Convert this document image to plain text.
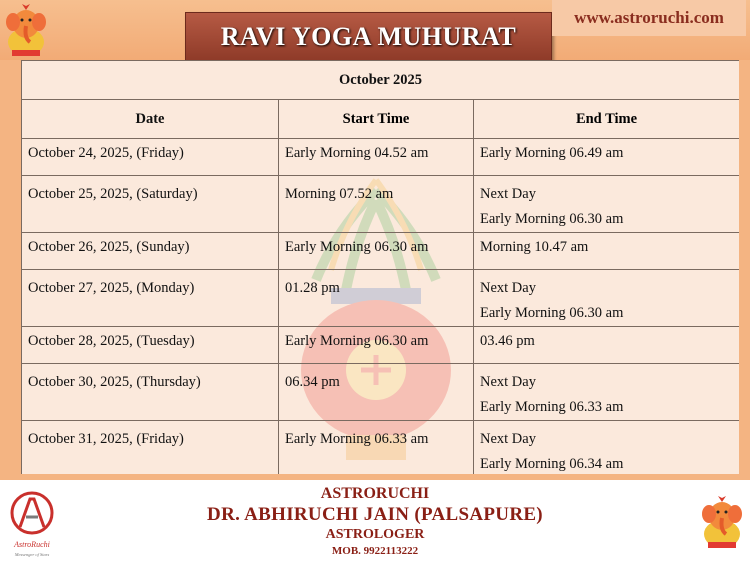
RAVI YOGA MUHURAT
www.astroruchi.com
October 2025		
Date	Start Time	End Time
October 24, 2025, (Friday)	Early Morning 04.52 am	Early Morning 06.49 am

October 25, 2025, (Saturday)	Morning 07.52 am	Next Day
Early Morning 06.30 am

October 26, 2025, (Sunday)	Early Morning 06.30 am	Morning 10.47 am

October 27, 2025, (Monday)	01.28 pm	Next Day
Early Morning 06.30 am

October 28, 2025, (Tuesday)	Early Morning 06.30 am	03.46 pm

October 30, 2025, (Thursday)	06.34 pm	Next Day
Early Morning 06.33 am

October 31, 2025, (Friday)	Early Morning 06.33 am	Next Day
Early Morning 06.34 am
AstroRuchi
Messenger of Stars
ASTRORUCHI
DR. ABHIRUCHI JAIN (PALSAPURE)
ASTROLOGER
MOB. 9922113222
